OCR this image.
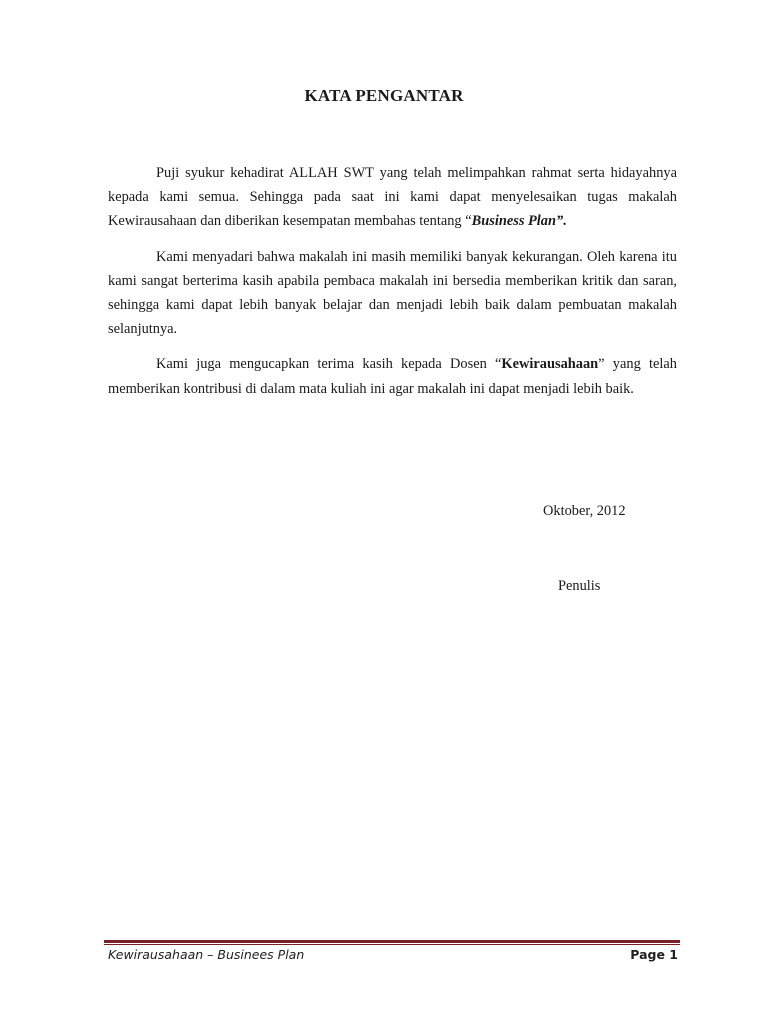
KATA PENGANTAR

Puji syukur kehadirat ALLAH SWT yang telah melimpahkan rahmat serta hidayahnya kepada kami semua. Sehingga pada saat ini kami dapat menyelesaikan tugas makalah Kewirausahaan dan diberikan kesempatan membahas tentang “Business Plan”.

Kami menyadari bahwa makalah ini masih memiliki banyak kekurangan. Oleh karena itu kami sangat berterima kasih apabila pembaca makalah ini bersedia memberikan kritik dan saran, sehingga kami dapat lebih banyak belajar dan menjadi lebih baik dalam pembuatan makalah selanjutnya.

Kami juga mengucapkan terima kasih kepada Dosen “Kewirausahaan” yang telah memberikan kontribusi di dalam mata kuliah ini agar makalah ini dapat menjadi lebih baik.

Oktober, 2012
Penulis
Kewirausahaan – Businees Plan	Page 1
